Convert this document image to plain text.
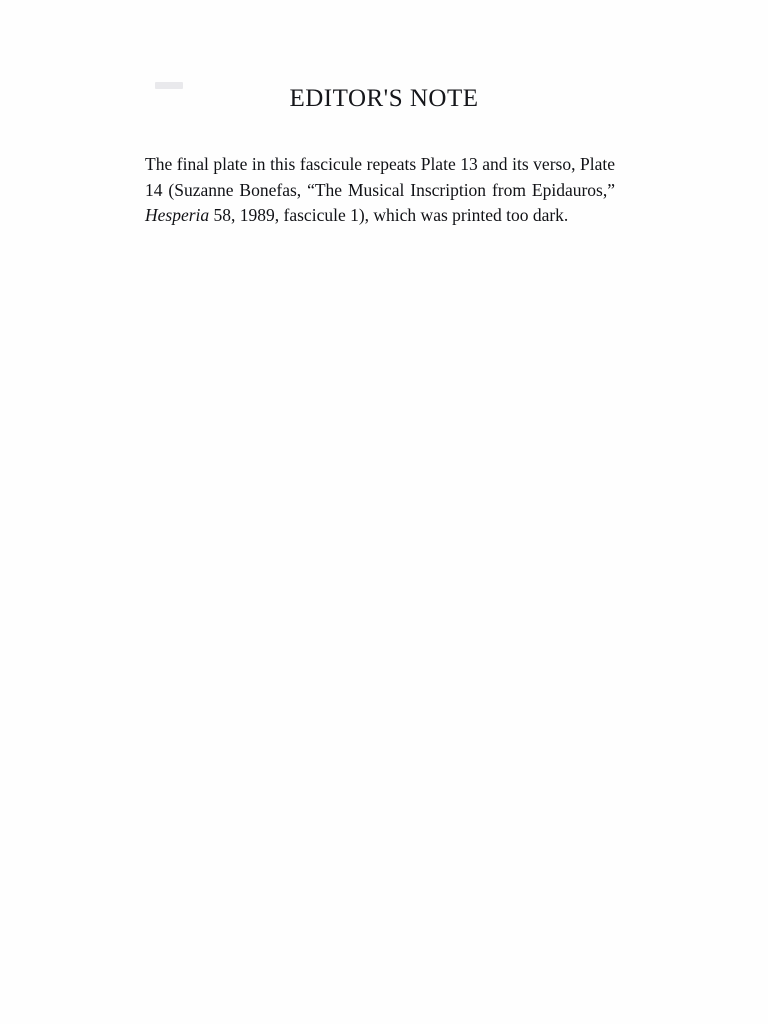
EDITOR'S NOTE

The final plate in this fascicule repeats Plate 13 and its verso, Plate 14 (Suzanne Bonefas, “The Musical Inscription from Epidauros,” Hesperia 58, 1989, fascicule 1), which was printed too dark.
